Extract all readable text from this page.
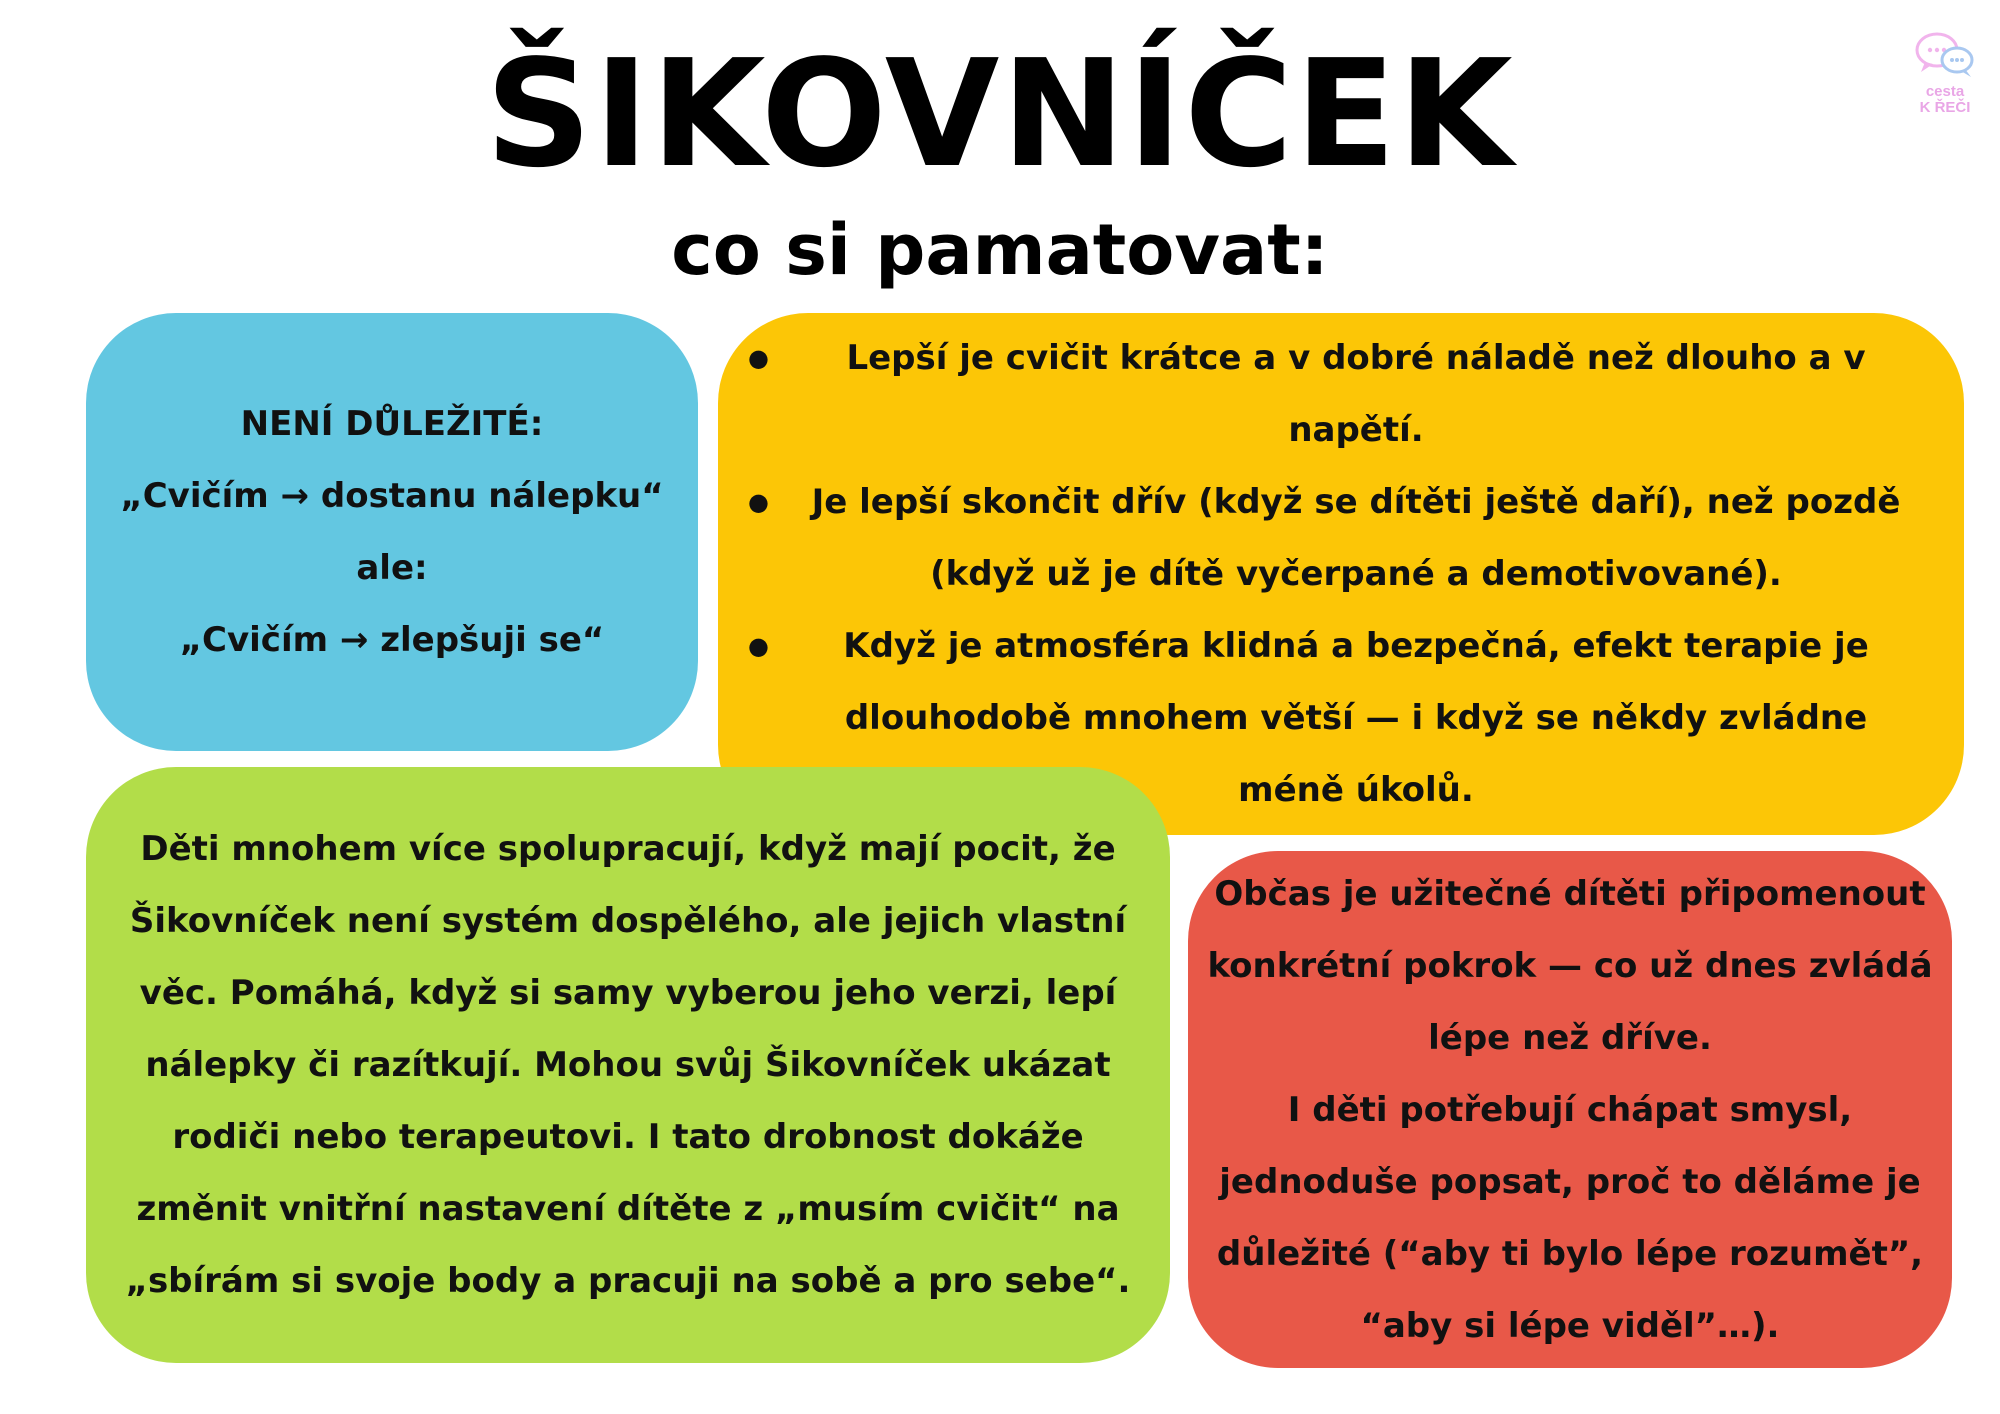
ŠIKOVNÍČEK
co si pamatovat:
cesta
K ŘEČI
NENÍ DŮLEŽITÉ:
„Cvičím → dostanu nálepku“
ale:
„Cvičím → zlepšuji se“
●	Lepší je cvičit krátce a v dobré náladě než dlouho a v napětí.
●	Je lepší skončit dřív (když se dítěti ještě daří), než pozdě (když už je dítě vyčerpané a demotivované).
●	Když je atmosféra klidná a bezpečná, efekt terapie je dlouhodobě mnohem větší — i když se někdy zvládne méně úkolů.
Děti mnohem více spolupracují, když mají pocit, že Šikovníček není systém dospělého, ale jejich vlastní věc. Pomáhá, když si samy vyberou jeho verzi, lepí nálepky či razítkují. Mohou svůj Šikovníček ukázat rodiči nebo terapeutovi. I tato drobnost dokáže změnit vnitřní nastavení dítěte z „musím cvičit“ na „sbírám si svoje body a pracuji na sobě a pro sebe“.
Občas je užitečné dítěti připomenout konkrétní pokrok — co už dnes zvládá lépe než dříve.
I děti potřebují chápat smysl, jednoduše popsat, proč to děláme je důležité (“aby ti bylo lépe rozumět”, “aby si lépe viděl”…).
